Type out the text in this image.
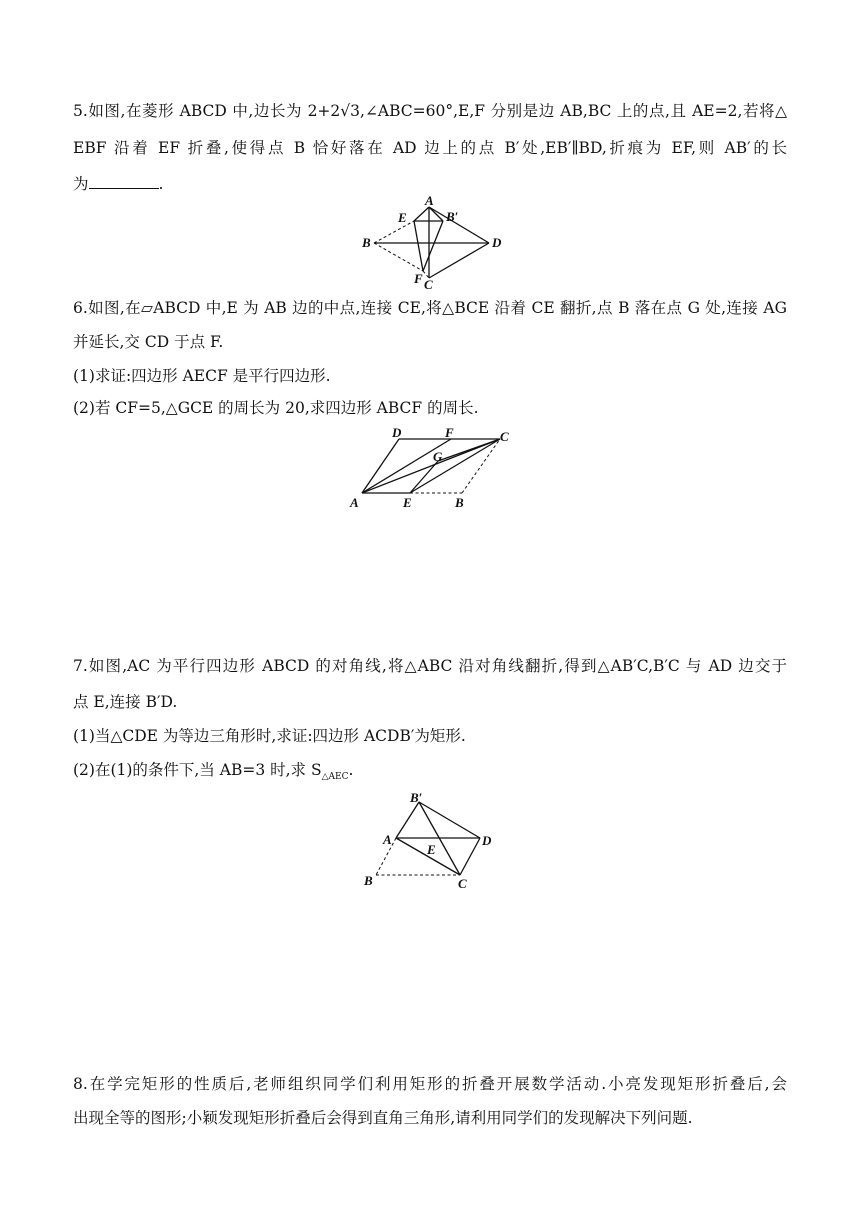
5.如图,在菱形 ABCD 中,边长为 2+2√3,∠ABC=60°,E,F 分别是边 AB,BC 上的点,且 AE=2,若将△
EBF 沿着 EF 折叠,使得点 B 恰好落在 AD 边上的点 B′处,EB′∥BD,折痕为 EF,则 AB′的长
为	.
A
E	B′
B	D
F C
6.如图,在▱ABCD 中,E 为 AB 边的中点,连接 CE,将△BCE 沿着 CE 翻折,点 B 落在点 G 处,连接 AG
并延长,交 CD 于点 F.
(1)求证:四边形 AECF 是平行四边形.
(2)若 CF=5,△GCE 的周长为 20,求四边形 ABCF 的周长.
D	F	C
G
A	E	B
7.如图,AC 为平行四边形 ABCD 的对角线,将△ABC 沿对角线翻折,得到△AB′C,B′C 与 AD 边交于
点 E,连接 B′D.
(1)当△CDE 为等边三角形时,求证:四边形 ACDB′为矩形.
(2)在(1)的条件下,当 AB=3 时,求 $S_{\triangle AEC}$.
B′
A
E
D
B	C
8.在学完矩形的性质后,老师组织同学们利用矩形的折叠开展数学活动.小亮发现矩形折叠后,会
出现全等的图形;小颖发现矩形折叠后会得到直角三角形,请利用同学们的发现解决下列问题.
